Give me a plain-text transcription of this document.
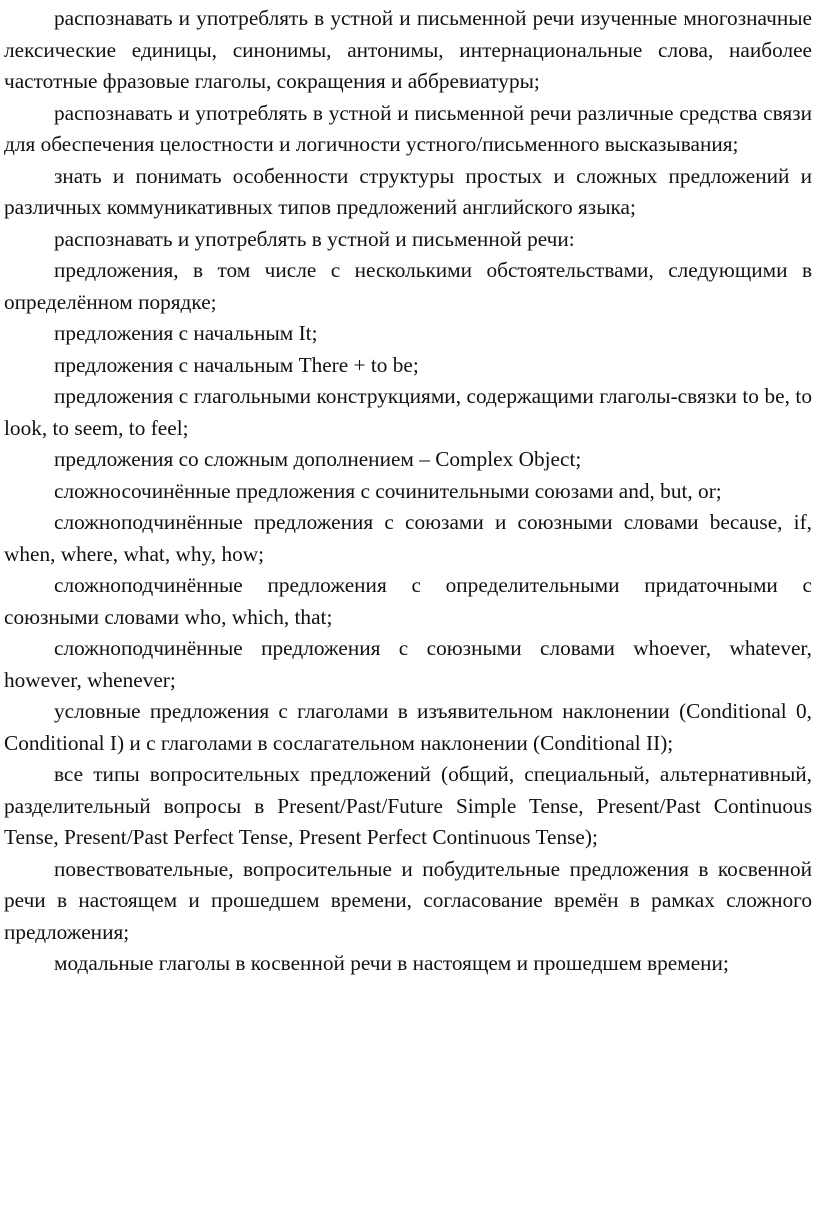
распознавать и употреблять в устной и письменной речи изученные многозначные лексические единицы, синонимы, антонимы, интернациональные слова, наиболее частотные фразовые глаголы, сокращения и аббревиатуры;

распознавать и употреблять в устной и письменной речи различные средства связи для обеспечения целостности и логичности устного/письменного высказывания;

знать и понимать особенности структуры простых и сложных предложений и различных коммуникативных типов предложений английского языка;

распознавать и употреблять в устной и письменной речи:

предложения, в том числе с несколькими обстоятельствами, следующими в определённом порядке;

предложения с начальным It;

предложения с начальным There + to be;

предложения с глагольными конструкциями, содержащими глаголы-связки to be, to look, to seem, to feel;

предложения со сложным дополнением – Complex Object;

сложносочинённые предложения с сочинительными союзами and, but, or;

сложноподчинённые предложения с союзами и союзными словами because, if, when, where, what, why, how;

сложноподчинённые предложения с определительными придаточными с союзными словами who, which, that;

сложноподчинённые предложения с союзными словами whoever, whatever, however, whenever;

условные предложения с глаголами в изъявительном наклонении (Conditional 0, Conditional I) и с глаголами в сослагательном наклонении (Conditional II);

все типы вопросительных предложений (общий, специальный, альтернативный, разделительный вопросы в Present/Past/Future Simple Tense, Present/Past Continuous Tense, Present/Past Perfect Tense, Present Perfect Continuous Tense);

повествовательные, вопросительные и побудительные предложения в косвенной речи в настоящем и прошедшем времени, согласование времён в рамках сложного предложения;

модальные глаголы в косвенной речи в настоящем и прошедшем времени;
